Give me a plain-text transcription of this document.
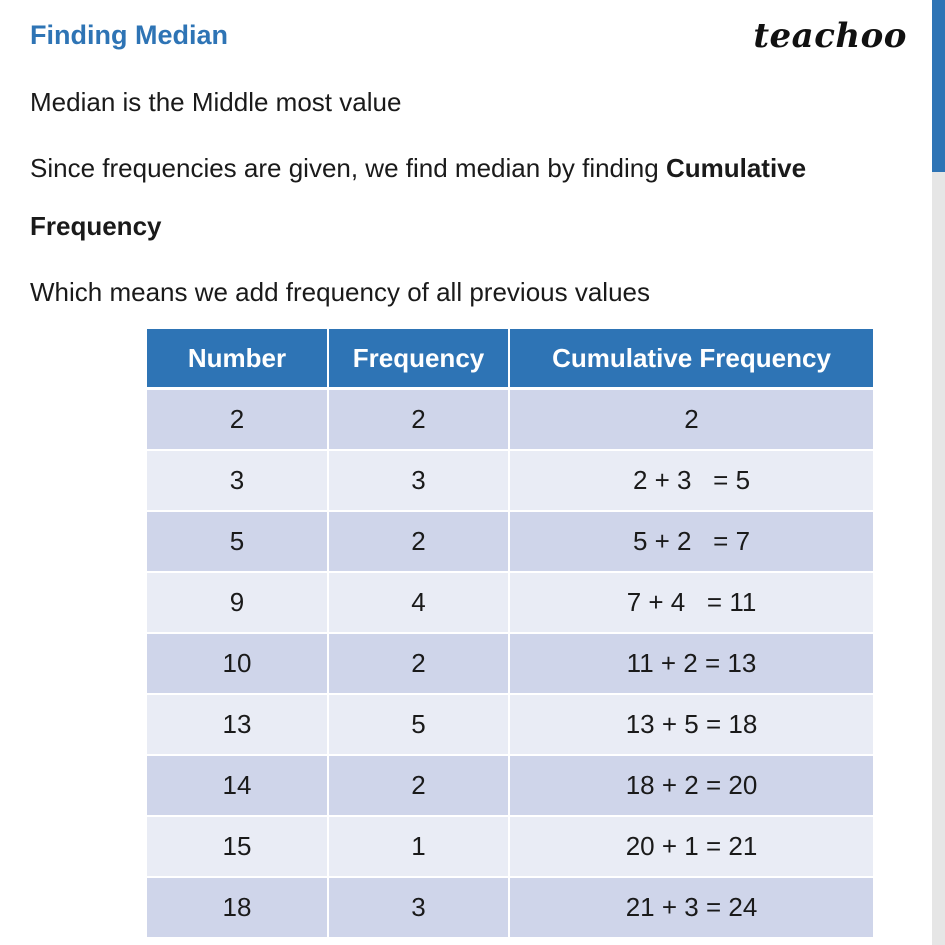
Finding Median	teachoo
Median is the Middle most value
Since frequencies are given, we find median by finding Cumulative
Frequency
Which means we add frequency of all previous values
Number	Frequency	Cumulative Frequency
2	2	2
3	3	2 + 3   = 5
5	2	5 + 2   = 7
9	4	7 + 4   = 11
10	2	11 + 2 = 13
13	5	13 + 5 = 18
14	2	18 + 2 = 20
15	1	20 + 1 = 21
18	3	21 + 3 = 24
